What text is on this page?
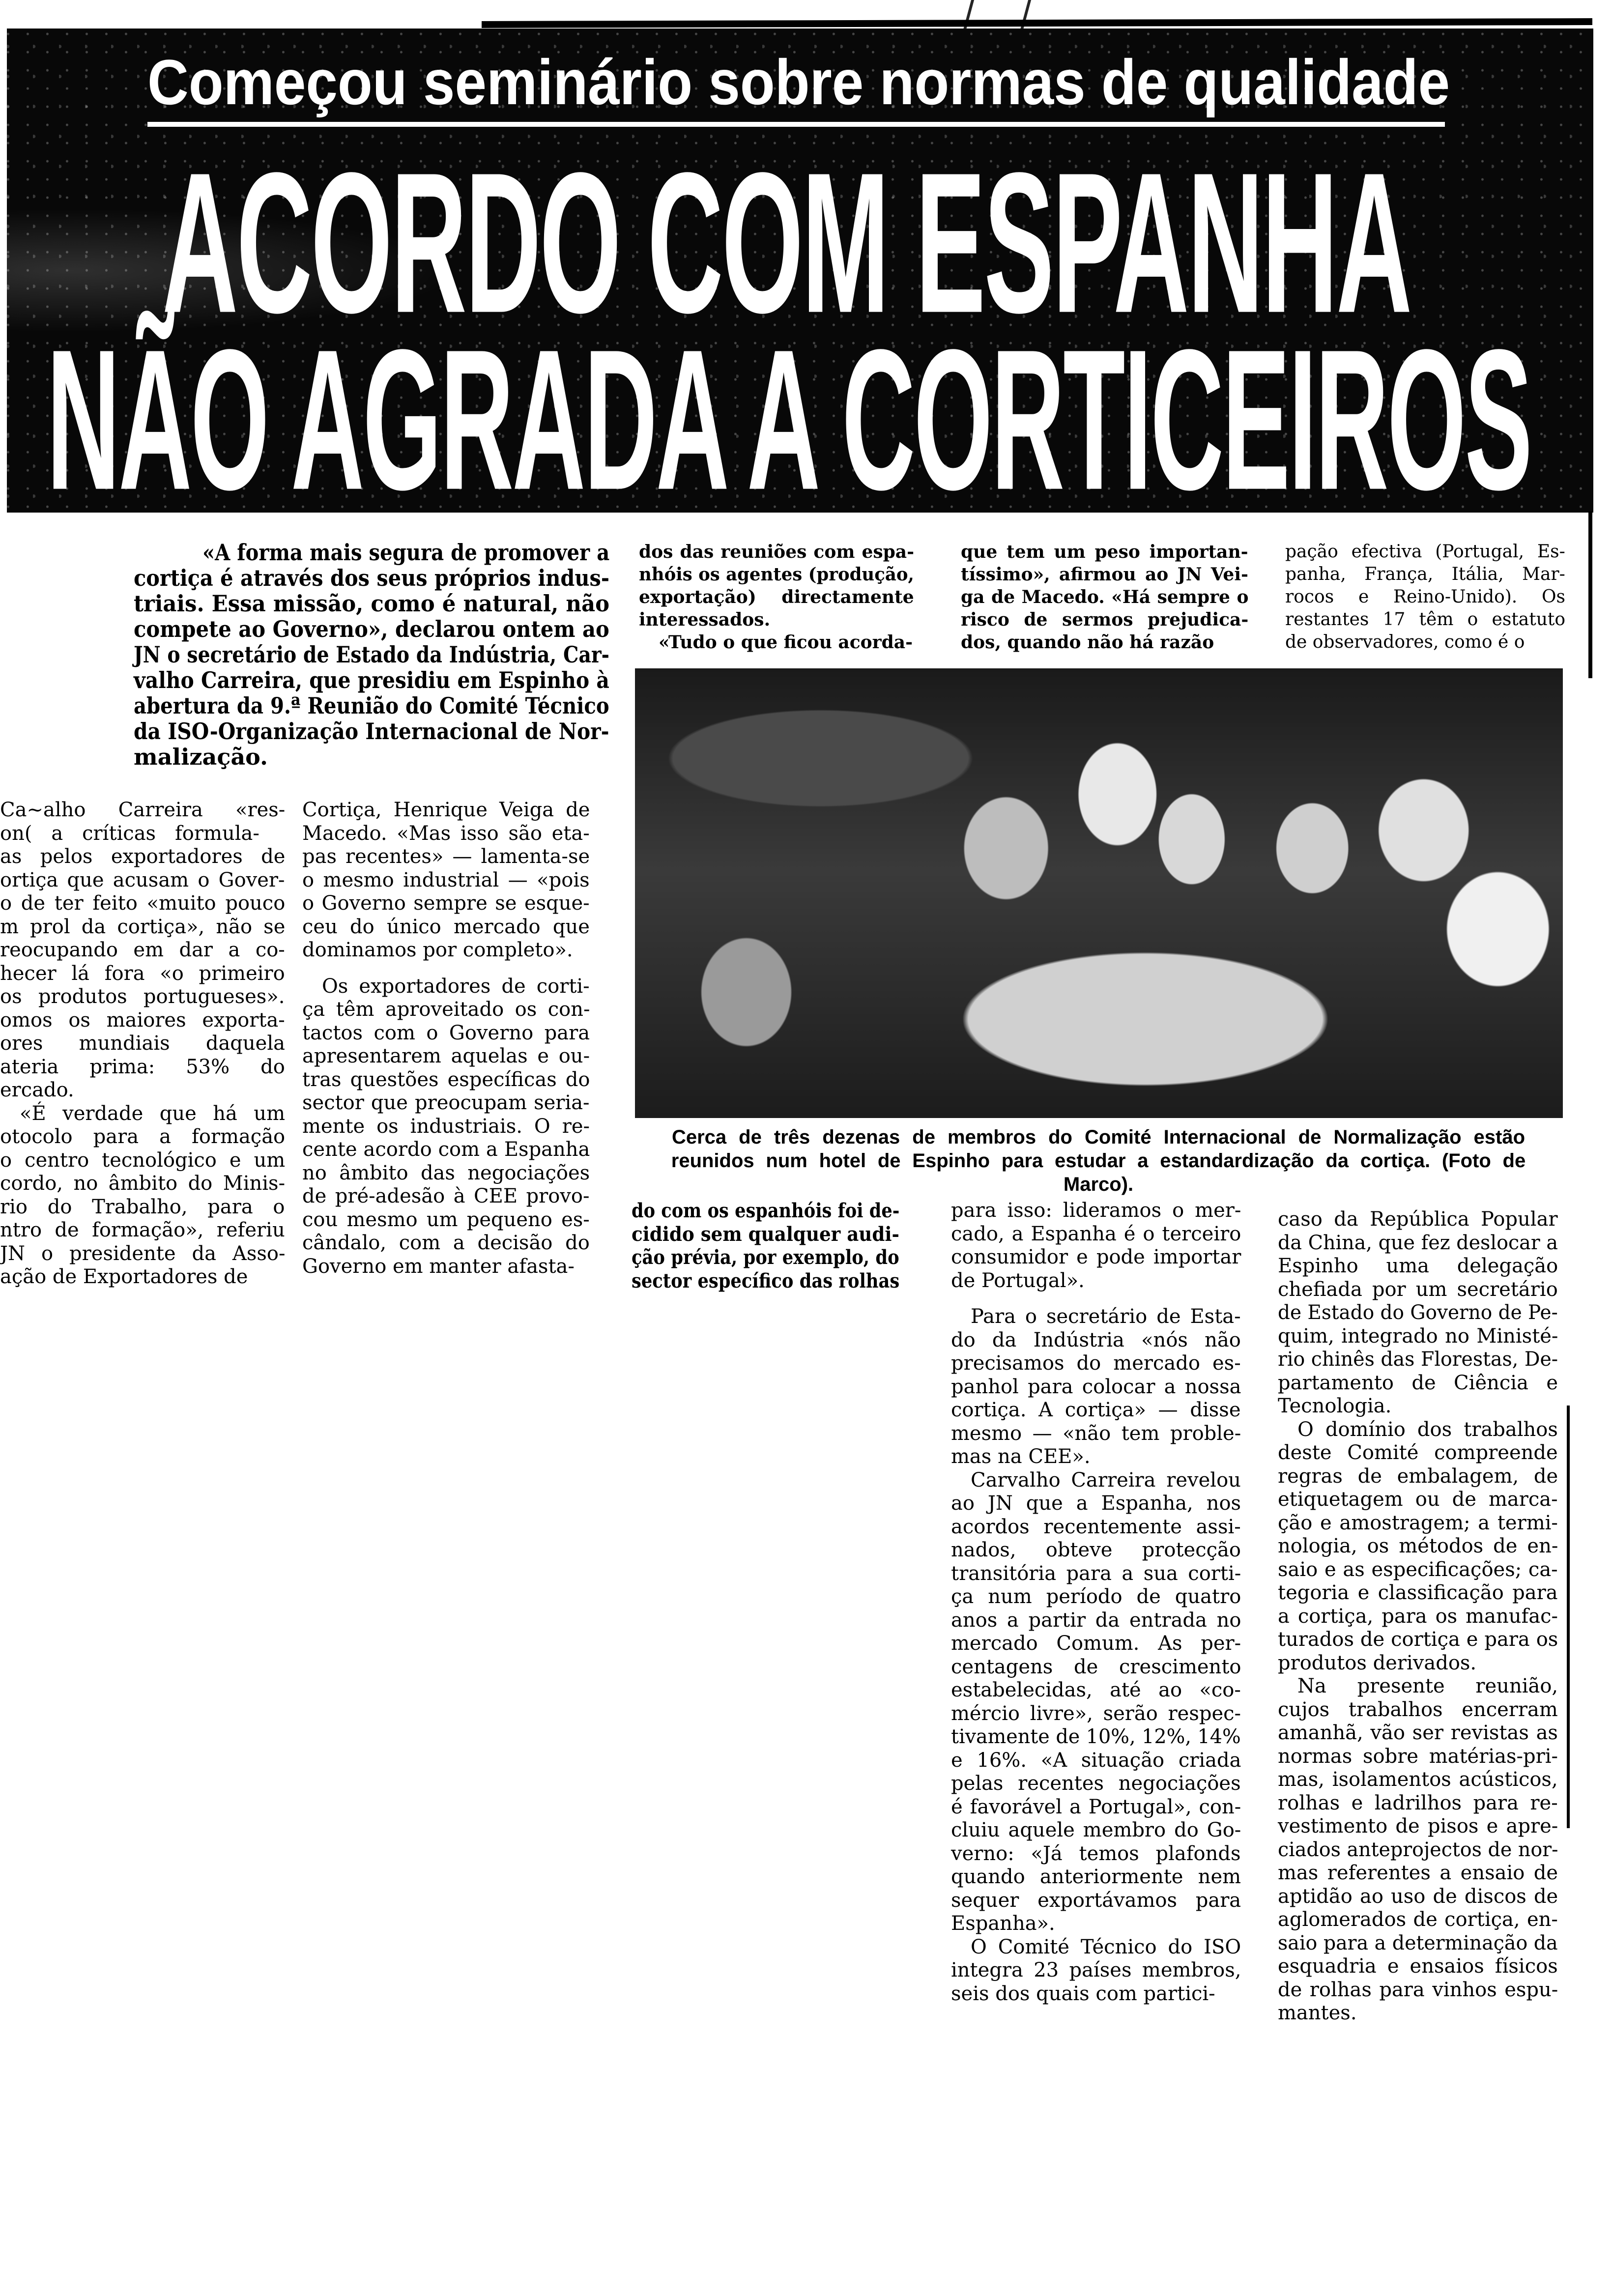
Começou seminário sobre normas de qualidade
ACORDO COM ESPANHA
NÃO AGRADA A CORTICEIROS
«A forma mais segura de promover a
cortiça é através dos seus próprios indus-
triais. Essa missão, como é natural, não
compete ao Governo», declarou ontem ao
JN o secretário de Estado da Indústria, Car-
valho Carreira, que presidiu em Espinho à
abertura da 9.ª Reunião do Comité Técnico
da ISO-Organização Internacional de Nor-
malização.
dos das reuniões com espa-
nhóis os agentes (produção,
exportação) directamente
interessados.
«Tudo o que ficou acorda-
que tem um peso importan-
tíssimo», afirmou ao JN Vei-
ga de Macedo. «Há sempre o
risco de sermos prejudica-
dos, quando não há razão
pação efectiva (Portugal, Es-
panha, França, Itália, Mar-
rocos e Reino-Unido). Os
restantes 17 têm o estatuto
de observadores, como é o
Cerca de três dezenas de membros do Comité Internacional de Normalização estão
reunidos num hotel de Espinho para estudar a estandardização da cortiça. (Foto de
Marco).
Ca~alho Carreira «res-
on( a críticas formula-
as pelos exportadores de
ortiça que acusam o Gover-
o de ter feito «muito pouco
m prol da cortiça», não se
reocupando em dar a co-
hecer lá fora «o primeiro
os produtos portugueses».
omos os maiores exporta-
ores mundiais daquela
ateria prima: 53% do
ercado.
«É verdade que há um
otocolo para a formação
o centro tecnológico e um
cordo, no âmbito do Minis-
rio do Trabalho, para o
ntro de formação», referiu
JN o presidente da Asso-
ação de Exportadores de
Cortiça, Henrique Veiga de
Macedo. «Mas isso são eta-
pas recentes» — lamenta-se
o mesmo industrial — «pois
o Governo sempre se esque-
ceu do único mercado que
dominamos por completo».
Os exportadores de corti-
ça têm aproveitado os con-
tactos com o Governo para
apresentarem aquelas e ou-
tras questões específicas do
sector que preocupam seria-
mente os industriais. O re-
cente acordo com a Espanha
no âmbito das negociações
de pré-adesão à CEE provo-
cou mesmo um pequeno es-
cândalo, com a decisão do
Governo em manter afasta-
do com os espanhóis foi de-
cidido sem qualquer audi-
ção prévia, por exemplo, do
sector específico das rolhas
para isso: lideramos o mer-
cado, a Espanha é o terceiro
consumidor e pode importar
de Portugal».
Para o secretário de Esta-
do da Indústria «nós não
precisamos do mercado es-
panhol para colocar a nossa
cortiça. A cortiça» — disse
mesmo — «não tem proble-
mas na CEE».
Carvalho Carreira revelou
ao JN que a Espanha, nos
acordos recentemente assi-
nados, obteve protecção
transitória para a sua corti-
ça num período de quatro
anos a partir da entrada no
mercado Comum. As per-
centagens de crescimento
estabelecidas, até ao «co-
mércio livre», serão respec-
tivamente de 10%, 12%, 14%
e 16%. «A situação criada
pelas recentes negociações
é favorável a Portugal», con-
cluiu aquele membro do Go-
verno: «Já temos plafonds
quando anteriormente nem
sequer exportávamos para
Espanha».
O Comité Técnico do ISO
integra 23 países membros,
seis dos quais com partici-
caso da República Popular
da China, que fez deslocar a
Espinho uma delegação
chefiada por um secretário
de Estado do Governo de Pe-
quim, integrado no Ministé-
rio chinês das Florestas, De-
partamento de Ciência e
Tecnologia.
O domínio dos trabalhos
deste Comité compreende
regras de embalagem, de
etiquetagem ou de marca-
ção e amostragem; a termi-
nologia, os métodos de en-
saio e as especificações; ca-
tegoria e classificação para
a cortiça, para os manufac-
turados de cortiça e para os
produtos derivados.
Na presente reunião,
cujos trabalhos encerram
amanhã, vão ser revistas as
normas sobre matérias-pri-
mas, isolamentos acústicos,
rolhas e ladrilhos para re-
vestimento de pisos e apre-
ciados anteprojectos de nor-
mas referentes a ensaio de
aptidão ao uso de discos de
aglomerados de cortiça, en-
saio para a determinação da
esquadria e ensaios físicos
de rolhas para vinhos espu-
mantes.
